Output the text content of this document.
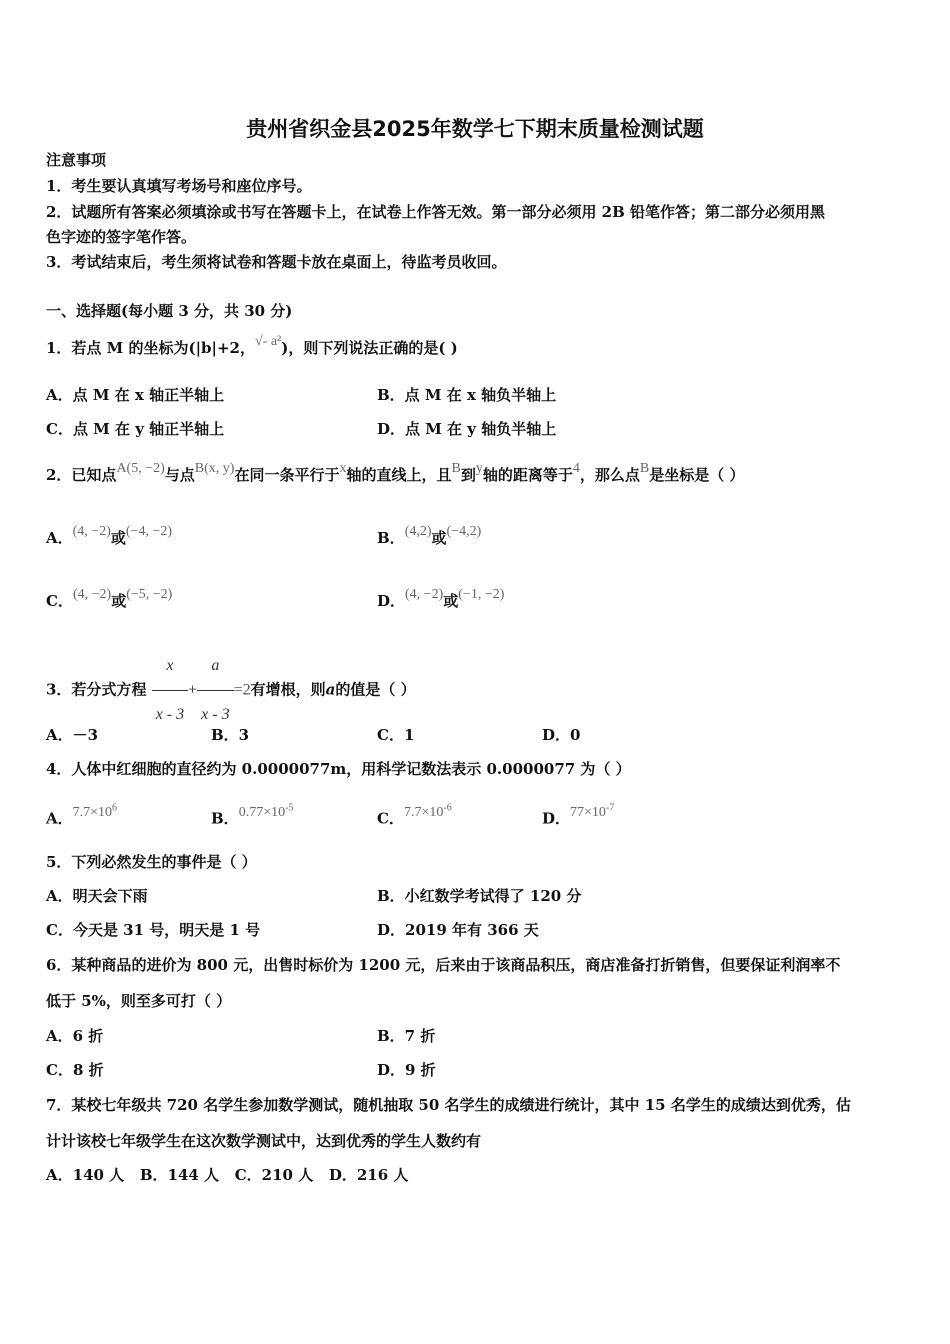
贵州省织金县2025年数学七下期末质量检测试题
注意事项
1．考生要认真填写考场号和座位序号。
2．试题所有答案必须填涂或书写在答题卡上，在试卷上作答无效。第一部分必须用 2B 铅笔作答；第二部分必须用黑
色字迹的签字笔作答。
3．考试结束后，考生须将试卷和答题卡放在桌面上，待监考员收回。
一、选择题(每小题 3 分，共 30 分)
1．若点 M 的坐标为(|b|+2，√- a²)，则下列说法正确的是( )
A．点 M 在 x 轴正半轴上	B．点 M 在 x 轴负半轴上
C．点 M 在 y 轴正半轴上	D．点 M 在 y 轴负半轴上
2．已知点A(5, −2)与点B(x, y)在同一条平行于x轴的直线上，且B到y轴的距离等于4，那么点B是坐标是（ ）
A．(4, −2)或(−4, −2)	B．(4,2)或(−4,2)
C．(4, −2)或(−5, −2)	D．(4, −2)或(−1, −2)
3．若分式方程 $\frac{x}{x - 3} + \frac{a}{x - 3} =2$有增根，则a的值是（ ）
A．－3	B．3	C．1	D．0
4．人体中红细胞的直径约为 0.0000077m，用科学记数法表示 0.0000077 为（ ）
A．$7.7\times 10^6$
B．$0.77\times 10^{-5}$
C．$7.7\times 10^{-6}$
D．$77\times 10^{-7}$
5．下列必然发生的事件是（ ）
A．明天会下雨	B．小红数学考试得了 120 分
C．今天是 31 号，明天是 1 号	D．2019 年有 366 天
6．某种商品的进价为 800 元，出售时标价为 1200 元，后来由于该商品积压，商店准备打折销售，但要保证利润率不
低于 5%，则至多可打（ ）
A．6 折	B．7 折
C．8 折	D．9 折
7．某校七年级共 720 名学生参加数学测试，随机抽取 50 名学生的成绩进行统计，其中 15 名学生的成绩达到优秀，估
计计该校七年级学生在这次数学测试中，达到优秀的学生人数约有
A．140 人   B．144 人   C．210 人   D．216 人
